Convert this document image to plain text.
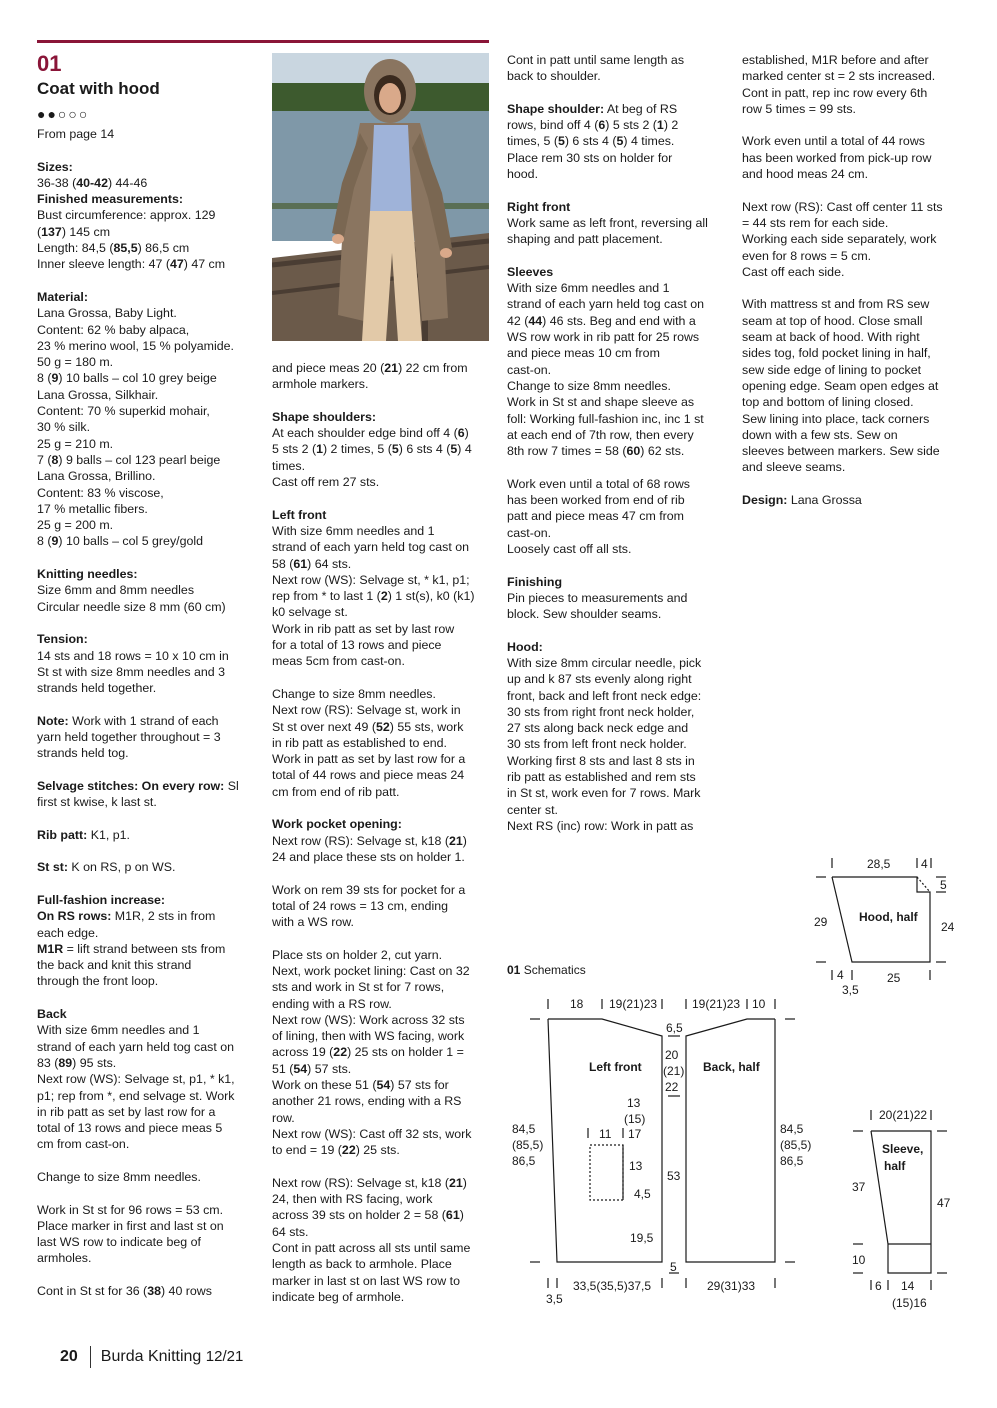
01

Coat with hood

●●○○○

From page 14

Sizes:

36-38 (40-42) 44-46

Finished measurements:

Bust circumference: approx. 129

(137) 145 cm

Length: 84,5 (85,5) 86,5 cm

Inner sleeve length: 47 (47) 47 cm

Material:

Lana Grossa, Baby Light.

Content: 62 % baby alpaca,

23 % merino wool, 15 % polyamide.

50 g = 180 m.

8 (9) 10 balls – col 10 grey beige

Lana Grossa, Silkhair.

Content: 70 % superkid mohair,

30 % silk.

25 g = 210 m.

7 (8) 9 balls – col 123 pearl beige

Lana Grossa, Brillino.

Content: 83 % viscose,

17 % metallic fibers.

25 g = 200 m.

8 (9) 10 balls – col 5 grey/gold

Knitting needles:

Size 6mm and 8mm needles

Circular needle size 8 mm (60 cm)

Tension:

14 sts and 18 rows = 10 x 10 cm in

St st with size 8mm needles and 3

strands held together.

Note: Work with 1 strand of each

yarn held together throughout = 3

strands held tog.

Selvage stitches: On every row: Sl

first st kwise, k last st.

Rib patt: K1, p1.

St st: K on RS, p on WS.

Full-fashion increase:

On RS rows: M1R, 2 sts in from

each edge.

M1R = lift strand between sts from

the back and knit this strand

through the front loop.

Back

With size 6mm needles and 1

strand of each yarn held tog cast on

83 (89) 95 sts.

Next row (WS): Selvage st, p1, * k1,

p1; rep from *, end selvage st. Work

in rib patt as set by last row for a

total of 13 rows and piece meas 5

cm from cast-on.

Change to size 8mm needles.

Work in St st for 96 rows = 53 cm.

Place marker in first and last st on

last WS row to indicate beg of

armholes.

Cont in St st for 36 (38) 40 rows

and piece meas 20 (21) 22 cm from

armhole markers.

Shape shoulders:

At each shoulder edge bind off 4 (6)

5 sts 2 (1) 2 times, 5 (5) 6 sts 4 (5) 4

times.

Cast off rem 27 sts.

Left front

With size 6mm needles and 1

strand of each yarn held tog cast on

58 (61) 64 sts.

Next row (WS): Selvage st, * k1, p1;

rep from * to last 1 (2) 1 st(s), k0 (k1)

k0 selvage st.

Work in rib patt as set by last row

for a total of 13 rows and piece

meas 5cm from cast-on.

Change to size 8mm needles.

Next row (RS): Selvage st, work in

St st over next 49 (52) 55 sts, work

in rib patt as established to end.

Work in patt as set by last row for a

total of 44 rows and piece meas 24

cm from end of rib patt.

Work pocket opening:

Next row (RS): Selvage st, k18 (21)

24 and place these sts on holder 1.

Work on rem 39 sts for pocket for a

total of 24 rows = 13 cm, ending

with a WS row.

Place sts on holder 2, cut yarn.

Next, work pocket lining: Cast on 32

sts and work in St st for 7 rows,

ending with a RS row.

Next row (WS): Work across 32 sts

of lining, then with WS facing, work

across 19 (22) 25 sts on holder 1 =

51 (54) 57 sts.

Work on these 51 (54) 57 sts for

another 21 rows, ending with a RS

row.

Next row (WS): Cast off 32 sts, work

to end = 19 (22) 25 sts.

Next row (RS): Selvage st, k18 (21)

24, then with RS facing, work

across 39 sts on holder 2 = 58 (61)

64 sts.

Cont in patt across all sts until same

length as back to armhole. Place

marker in last st on last WS row to

indicate beg of armhole.

Cont in patt until same length as

back to shoulder.

Shape shoulder: At beg of RS

rows, bind off 4 (6) 5 sts 2 (1) 2

times, 5 (5) 6 sts 4 (5) 4 times.

Place rem 30 sts on holder for

hood.

Right front

Work same as left front, reversing all

shaping and patt placement.

Sleeves

With size 6mm needles and 1

strand of each yarn held tog cast on

42 (44) 46 sts. Beg and end with a

WS row work in rib patt for 25 rows

and piece meas 10 cm from

cast-on.

Change to size 8mm needles.

Work in St st and shape sleeve as

foll: Working full-fashion inc, inc 1 st

at each end of 7th row, then every

8th row 7 times = 58 (60) 62 sts.

Work even until a total of 68 rows

has been worked from end of rib

patt and piece meas 47 cm from

cast-on.

Loosely cast off all sts.

Finishing

Pin pieces to measurements and

block. Sew shoulder seams.

Hood:

With size 8mm circular needle, pick

up and k 87 sts evenly along right

front, back and left front neck edge:

30 sts from right front neck holder,

27 sts along back neck edge and

30 sts from left front neck holder.

Working first 8 sts and last 8 sts in

rib patt as established and rem sts

in St st, work even for 7 rows. Mark

center st.

Next RS (inc) row: Work in patt as

established, M1R before and after

marked center st = 2 sts increased.

Cont in patt, rep inc row every 6th

row 5 times = 99 sts.

Work even until a total of 44 rows

has been worked from pick-up row

and hood meas 24 cm.

Next row (RS): Cast off center 11 sts

= 44 sts rem for each side.

Working each side separately, work

even for 8 rows = 5 cm.

Cast off each side.

With mattress st and from RS sew

seam at top of hood. Close small

seam at back of hood. With right

sides tog, fold pocket lining in half,

sew side edge of lining to pocket

opening edge. Seam open edges at

top and bottom of lining closed.

Sew lining into place, tack corners

down with a few sts. Sew on

sleeves between markers. Sew side

and sleeve seams.

Design: Lana Grossa

01 Schematics
28,5	4
5
29	Hood, half
24
4	25
3,5
18 19(21)23	19(21)23 10
6,5
20
(21)
22
Left front	Back, half
13
(15)
11 17
13
4,5
53
19,5
5
84,5
(85,5)
86,5
84,5
(85,5)
86,5
33,5(35,5)37,5	29(31)33
3,5
20(21)22
Sleeve,
half
37
47
10
6 14
(15)16
20 Burda Knitting 12/21
